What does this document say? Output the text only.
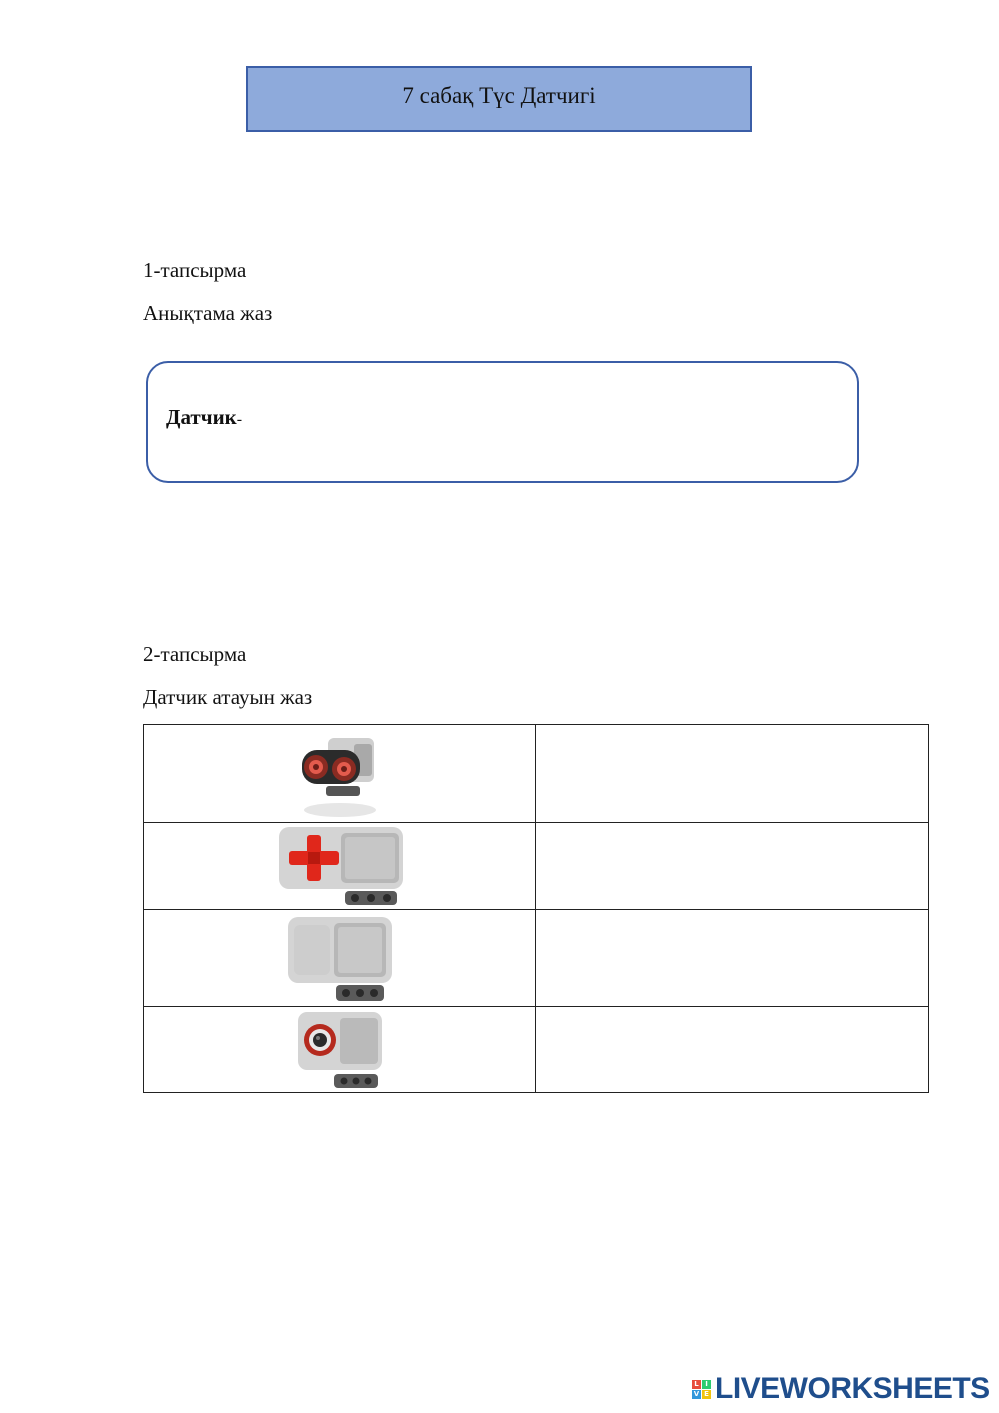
7 сабақ Түс Датчигі
1-тапсырма
Анықтама жаз
Датчик-
2-тапсырма
Датчик атауын жаз

L I
V E LIVEWORKSHEETS
